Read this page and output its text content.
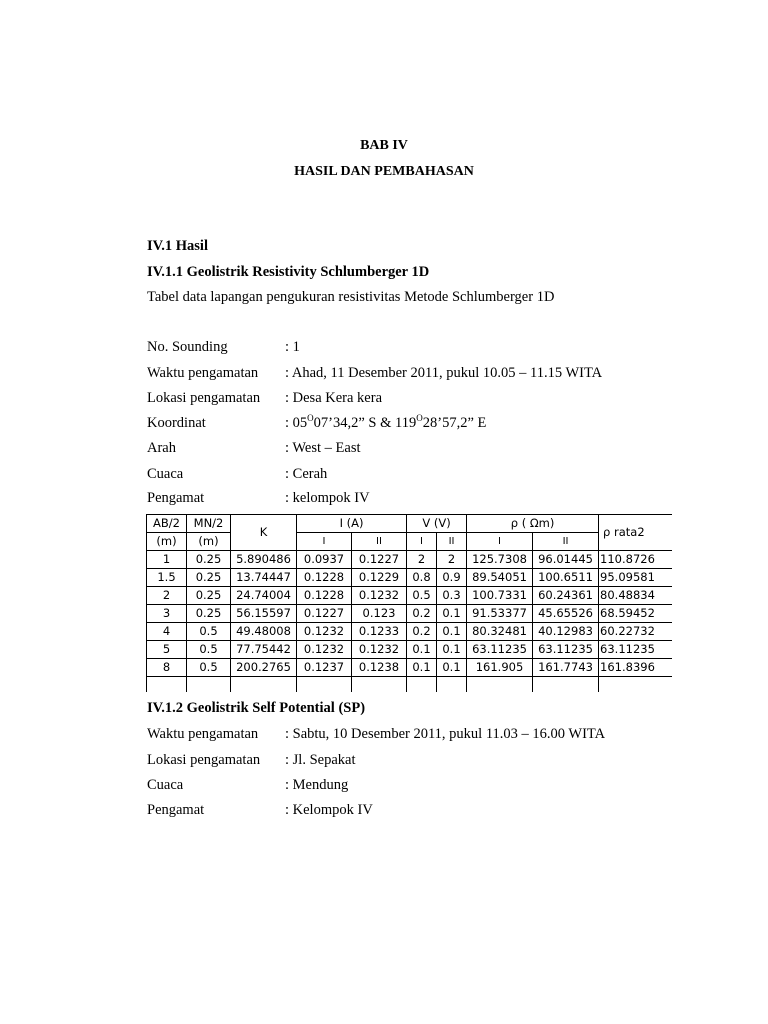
BAB IV
HASIL DAN PEMBAHASAN
IV.1 Hasil
IV.1.1 Geolistrik Resistivity Schlumberger 1D
Tabel data lapangan pengukuran resistivitas Metode Schlumberger 1D
No. Sounding	: 1
Waktu pengamatan : Ahad, 11 Desember 2011, pukul 10.05 – 11.15 WITA
Lokasi pengamatan : Desa Kera kera
Koordinat	: $05^O07’34,2$” S & $119^O28’57,2$” E
Arah	: West – East
Cuaca	: Cerah
Pengamat	: kelompok IV
AB/2	MN/2	K	I (A)		V (V)		ρ ( Ωm)		ρ rata2
(m)	(m)		I	II	I	II	I	II	
1	0.25	5.890486	0.0937	0.1227	2	2	125.7308	96.01445	110.8726
1.5	0.25	13.74447	0.1228	0.1229	0.8	0.9	89.54051	100.6511	95.09581
2	0.25	24.74004	0.1228	0.1232	0.5	0.3	100.7331	60.24361	80.48834
3	0.25	56.15597	0.1227	0.123	0.2	0.1	91.53377	45.65526	68.59452
4	0.5	49.48008	0.1232	0.1233	0.2	0.1	80.32481	40.12983	60.22732
5	0.5	77.75442	0.1232	0.1232	0.1	0.1	63.11235	63.11235	63.11235
8	0.5	200.2765	0.1237	0.1238	0.1	0.1	161.905	161.7743	161.8396

IV.1.2 Geolistrik Self Potential (SP)
Waktu pengamatan : Sabtu, 10 Desember 2011, pukul 11.03 – 16.00 WITA
Lokasi pengamatan : Jl. Sepakat
Cuaca	: Mendung
Pengamat	: Kelompok IV
